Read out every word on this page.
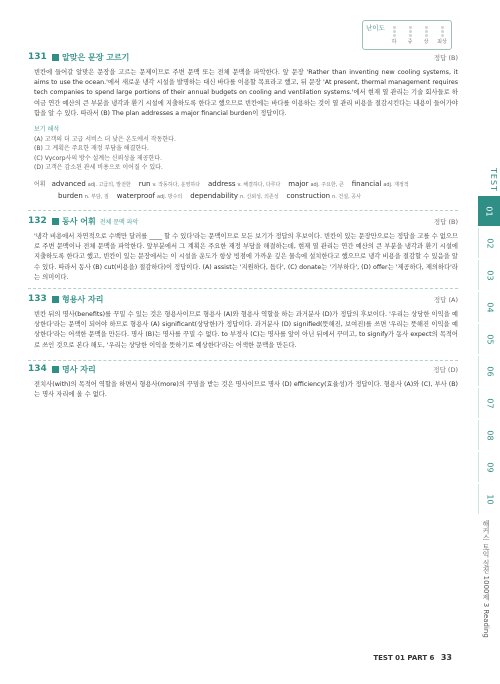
난이도
하	중	상	최상
131 알맞은 문장 고르기	정답 (B)
빈칸에 들어갈 알맞은 문장을 고르는 문제이므로 주변 문맥 또는 전체 문맥을 파악한다. 앞 문장 'Rather than inventing new cooling systems, it aims to use the ocean.'에서 새로운 냉각 시설을 발명하는 대신 바다를 이용할 목표라고 했고, 뒤 문장 'At present, thermal management requires tech companies to spend large portions of their annual budgets on cooling and ventilation systems.'에서 현재 열 관리는 기술 회사들로 하여금 연간 예산의 큰 부분을 냉각과 환기 시설에 지출하도록 한다고 했으므로 빈칸에는 바다를 이용하는 것이 열 관리 비용을 절감시킨다는 내용이 들어가야 함을 알 수 있다. 따라서 (B) The plan addresses a major financial burden이 정답이다.
보기 해석
(A) 고객의 더 고급 서비스 더 낮은 온도에서 작동한다.
(B) 그 계획은 주요한 재정 부담을 해결한다.
(C) Vycorp사의 방수 설계는 신뢰성을 제공한다.
(D) 고객은 감소된 관세 비용으로 이어질 수 있다.
어휘 advanced adj. 고급의, 발전한 run v. 작동하다, 운영하다 address v. 해결하다, 다루다 major adj. 주요한, 큰 financial adj. 재정적
burden n. 부담, 짐 waterproof adj. 방수의 dependability n. 신뢰성, 의존성 construction n. 건설, 공사
132 동사 어휘 전체 문맥 파악	정답 (B)
'냉각 비용에서 자연적으로 수백만 달러를 ____ 할 수 있다'라는 문맥이므로 모든 보기가 정답의 후보이다. 빈칸이 있는 문장만으로는 정답을 고를 수 없으므로 주변 문맥이나 전체 문맥을 파악한다. 앞부분에서 그 계획은 주요한 재정 부담을 해결하는데, 현재 열 관리는 연간 예산의 큰 부분을 냉각과 환기 시설에 지출하도록 한다고 했고, 빈칸이 있는 문장에서는 이 시설을 운도가 항상 빙점에 가까운 깊은 물속에 설치한다고 했으므로 냉각 비용을 절감할 수 있음을 알 수 있다. 따라서 동사 (B) cut(비용을) 절감하다)이 정답이다. (A) assist는 '지원하다, 돕다', (C) donate는 '기부하다', (D) offer는 '제공하다, 제의하다'라는 의미이다.
133 형용사 자리	정답 (A)
빈칸 뒤의 명사(benefits)를 꾸밀 수 있는 것은 형용사이므로 형용사 (A)와 형용사 역할을 하는 과거분사 (D)가 정답의 후보이다. '우리는 상당한 이익을 예상한다'라는 문맥이 되어야 하므로 형용사 (A) significant(상당한)가 정답이다. 과거분사 (D) signified(뜻해진, 보여진)를 쓰면 '우리는 뜻해진 이익을 예상한다'라는 어색한 문맥을 만든다. 명사 (B)는 명사를 꾸밀 수 없다. to 부정사 (C)는 명사를 앞이 아닌 뒤에서 꾸미고, to signify가 동사 expect의 목적어로 쓰인 것으로 본다 해도, '우리는 상당한 이익을 뜻하기로 예상한다'라는 어색한 문맥을 만든다.
134 명사 자리	정답 (D)
전치사(with)의 목적어 역할을 하면서 형용사(more)의 꾸밈을 받는 것은 명사이므로 명사 (D) efficiency(효율성)가 정답이다. 형용사 (A)와 (C), 부사 (B)는 명사 자리에 올 수 없다.
TEST
01
02
03
04
05
06
07
08
09
10
해커스 토익 실전 1000제 3 Reading
TEST 01 PART 6 33
